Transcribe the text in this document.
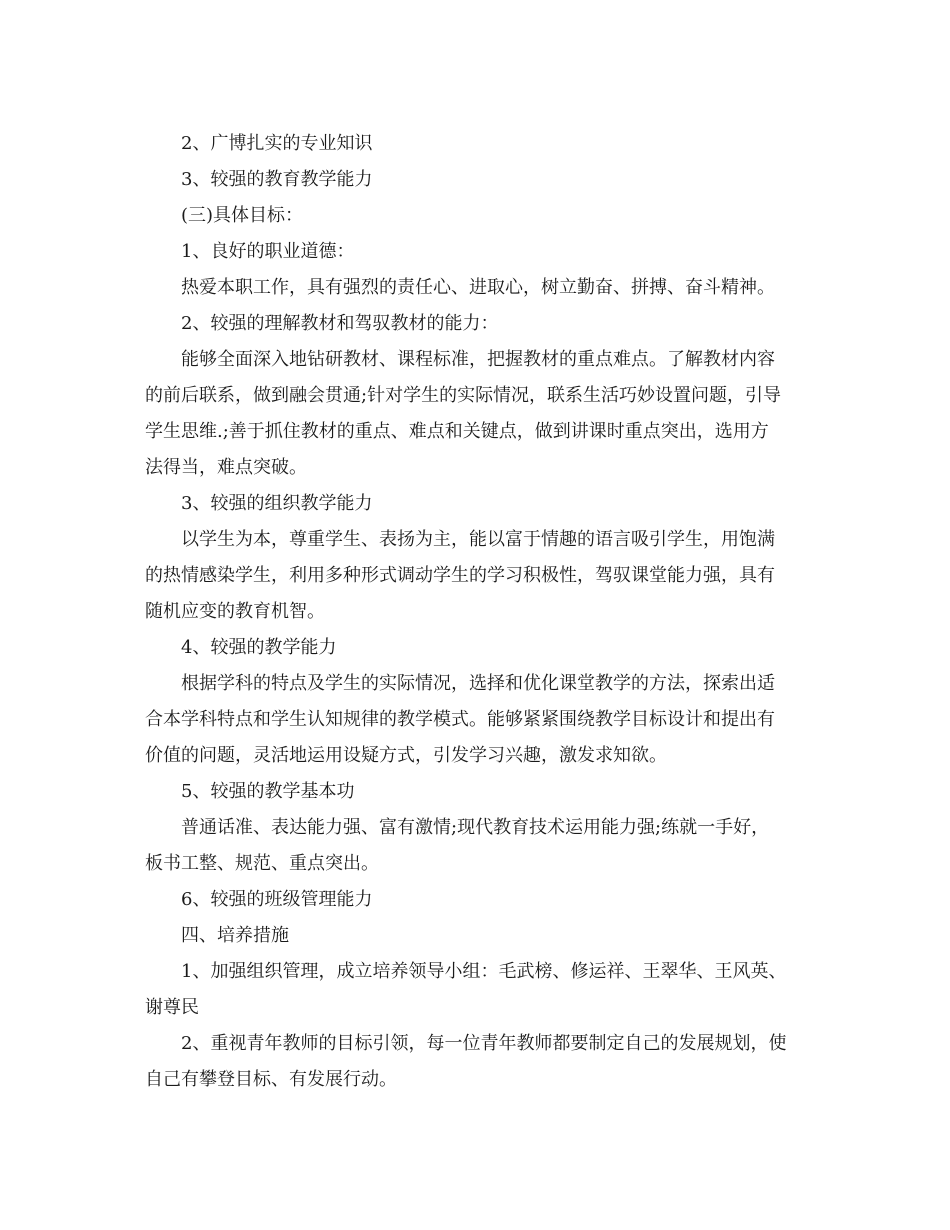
2、广博扎实的专业知识
3、较强的教育教学能力
(三)具体目标：
1、良好的职业道德：
热爱本职工作，具有强烈的责任心、进取心，树立勤奋、拼搏、奋斗精神。
2、较强的理解教材和驾驭教材的能力：
能够全面深入地钻研教材、课程标准，把握教材的重点难点。了解教材内容
的前后联系，做到融会贯通;针对学生的实际情况，联系生活巧妙设置问题，引导
学生思维.;善于抓住教材的重点、难点和关键点，做到讲课时重点突出，选用方
法得当，难点突破。
3、较强的组织教学能力
以学生为本，尊重学生、表扬为主，能以富于情趣的语言吸引学生，用饱满
的热情感染学生，利用多种形式调动学生的学习积极性，驾驭课堂能力强，具有
随机应变的教育机智。
4、较强的教学能力
根据学科的特点及学生的实际情况，选择和优化课堂教学的方法，探索出适
合本学科特点和学生认知规律的教学模式。能够紧紧围绕教学目标设计和提出有
价值的问题，灵活地运用设疑方式，引发学习兴趣，激发求知欲。
5、较强的教学基本功
普通话准、表达能力强、富有激情;现代教育技术运用能力强;练就一手好，
板书工整、规范、重点突出。
6、较强的班级管理能力
四、培养措施
1、加强组织管理，成立培养领导小组：毛武榜、修运祥、王翠华、王风英、
谢尊民
2、重视青年教师的目标引领，每一位青年教师都要制定自己的发展规划，使
自己有攀登目标、有发展行动。
